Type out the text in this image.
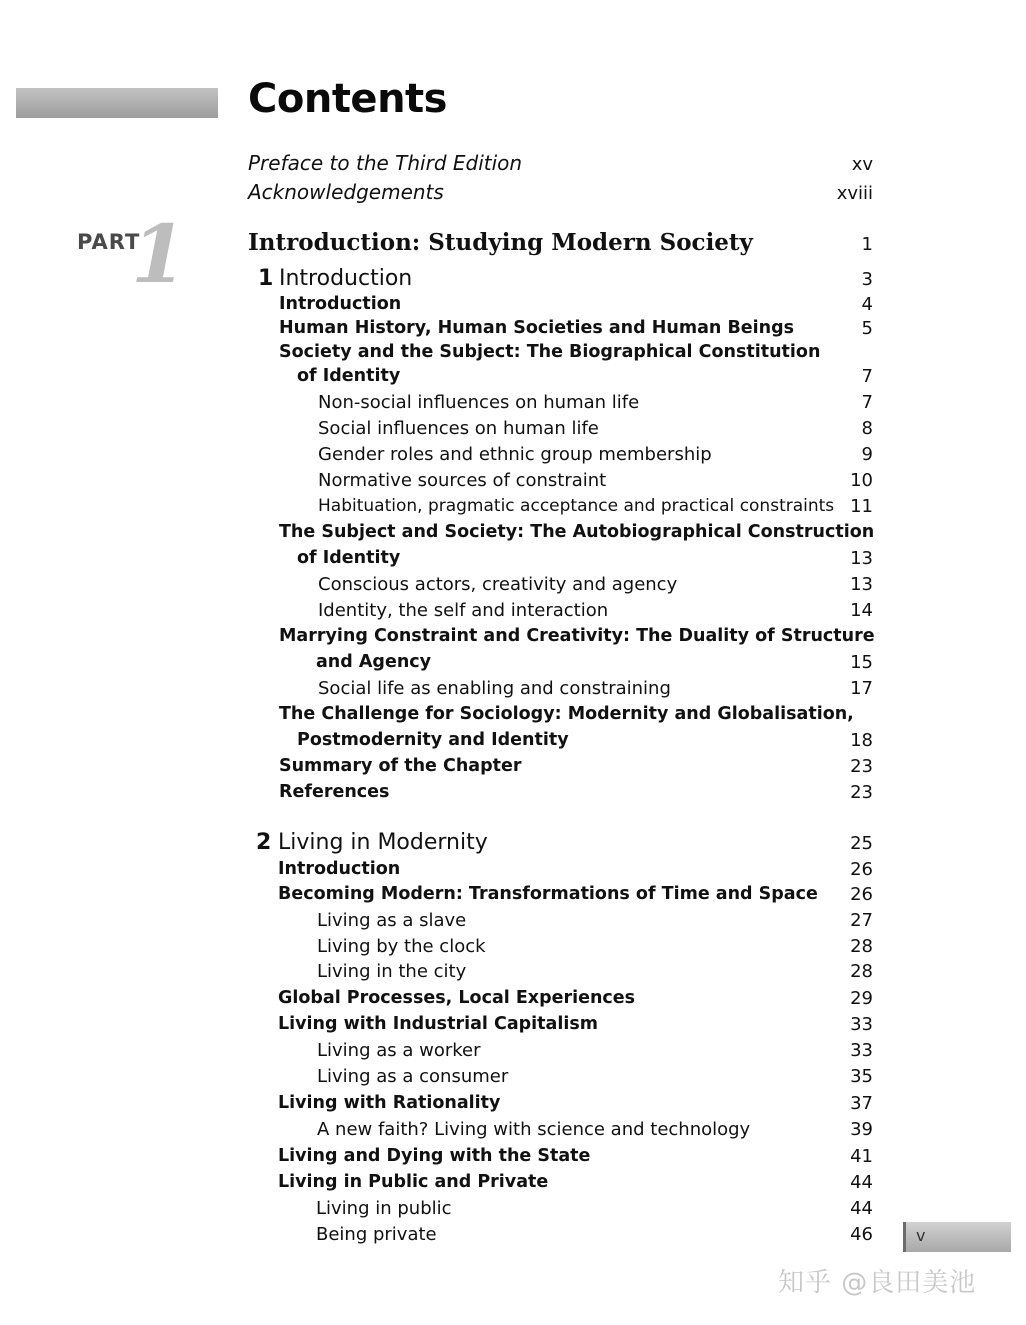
Contents
PART
1
Preface to the Third Edition	xv
Acknowledgements	xviii
Introduction: Studying Modern Society	1
1 Introduction	3
Introduction	4
Human History, Human Societies and Human Beings	5
Society and the Subject: The Biographical Constitution
of Identity	7
Non-social influences on human life	7
Social influences on human life	8
Gender roles and ethnic group membership	9
Normative sources of constraint	10
Habituation, pragmatic acceptance and practical constraints 11
The Subject and Society: The Autobiographical Construction
of Identity	13
Conscious actors, creativity and agency	13
Identity, the self and interaction	14
Marrying Constraint and Creativity: The Duality of Structure
and Agency	15
Social life as enabling and constraining	17
The Challenge for Sociology: Modernity and Globalisation,
Postmodernity and Identity	18
Summary of the Chapter	23
References	23
2 Living in Modernity	25
Introduction	26
Becoming Modern: Transformations of Time and Space 26
Living as a slave	27
Living by the clock	28
Living in the city	28
Global Processes, Local Experiences	29
Living with Industrial Capitalism	33
Living as a worker	33
Living as a consumer	35
Living with Rationality	37
A new faith? Living with science and technology	39
Living and Dying with the State	41
Living in Public and Private	44
Living in public	44
Being private	46	v
知乎 @良田美池
